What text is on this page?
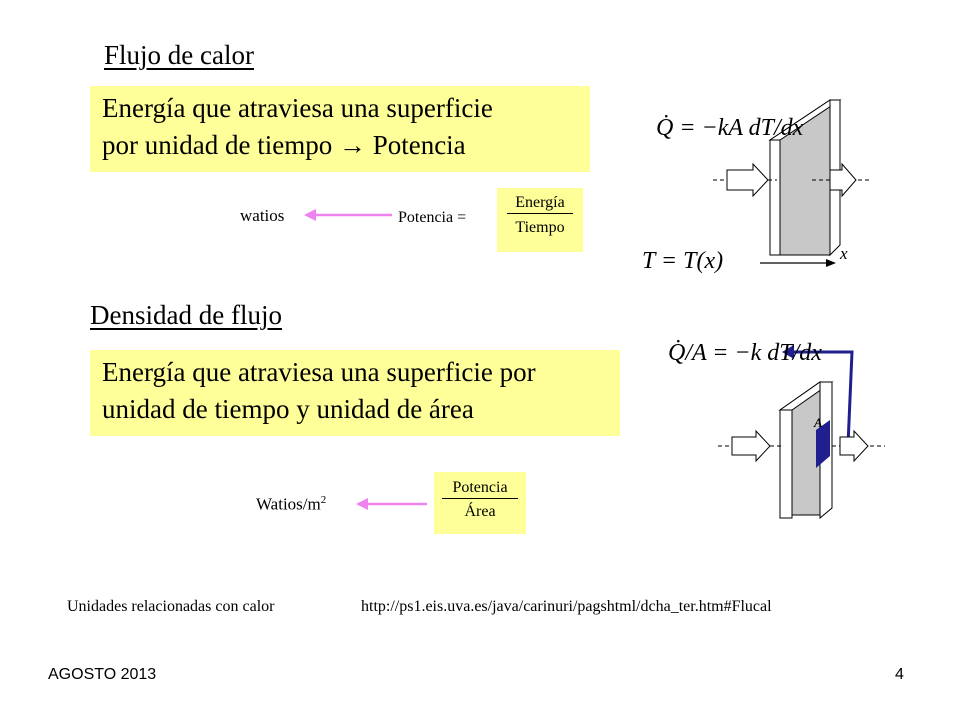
Flujo de calor
Energía que atraviesa una superficie
por unidad de tiempo → Potencia
watios	Potencia =
Energía
Tiempo
x
Q̇ = −kA dT/dx
T = T(x)
Densidad de flujo
Energía que atraviesa una superficie por
unidad de tiempo y unidad de área
Watios/$m^2$
Potencia
Área
A
Q̇/A = −k dT/dx
Unidades relacionadas con calor	http://ps1.eis.uva.es/java/carinuri/pagshtml/dcha_ter.htm#Flucal
AGOSTO 2013	4
